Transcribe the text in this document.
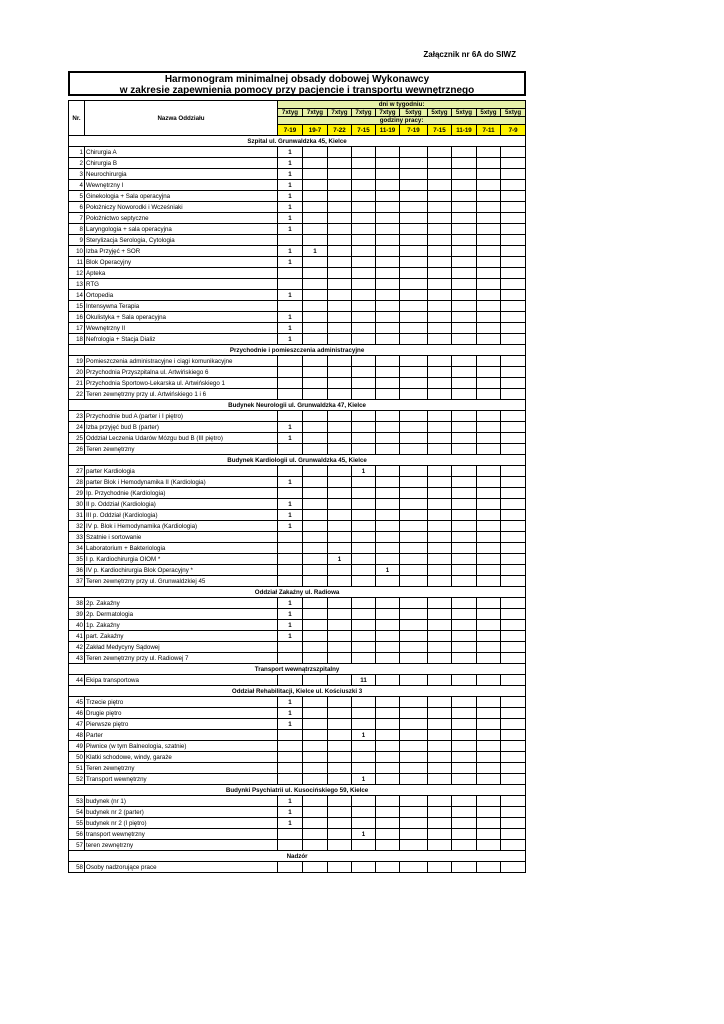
Załącznik nr 6A do SIWZ
Harmonogram minimalnej obsady dobowej Wykonawcy
w zakresie zapewnienia pomocy przy pacjencie i transportu wewnętrznego
Nr.	Nazwa Oddziału	dni w tygodniu:									
		7xtyg	7xtyg	7xtyg	7xtyg	7xtyg	5xtyg	5xtyg	5xtyg	5xtyg	5xtyg
		godziny pracy:									
		7-19	19-7	7-22	7-15	11-19	7-19	7-15	11-19	7-11	7-9
Szpital ul. Grunwaldzka 45, Kielce											
1	Chirurgia A	1									
2	Chirurgia B	1									
3	Neurochirurgia	1									
4	Wewnętrzny I	1									
5	Ginekologia + Sala operacyjna	1									
6	Położniczy Noworodki i Wcześniaki	1									
7	Położnictwo septyczne	1									
8	Laryngologia + sala operacyjna	1									
9	Sterylizacja Serologia, Cytologia										
10	Izba Przyjęć + SOR	1	1								
11	Blok Operacyjny	1									
12	Apteka										
13	RTG										
14	Ortopedia	1									
15	Intensywna Terapia										
16	Okulistyka + Sala operacyjna	1									
17	Wewnętrzny II	1									
18	Nefrologia + Stacja Dializ	1									
Przychodnie i pomieszczenia administracyjne											
19	Pomieszczenia administracyjne i ciągi komunikacyjne										
20	Przychodnia Przyszpitalna ul. Artwińskiego 6										
21	Przychodnia Sportowo-Lekarska ul. Artwińskiego 1										
22	Teren zewnętrzny przy ul. Artwińskiego 1 i 6										
Budynek Neurologii ul. Grunwaldzka 47, Kielce											
23	Przychodnie bud A (parter i I piętro)										
24	Izba przyjęć bud B (parter)	1									
25	Oddział Leczenia Udarów Mózgu bud B (III piętro)	1									
26	Teren zewnętrzny										
Budynek Kardiologii ul. Grunwaldzka 45, Kielce											
27	parter Kardiologia				1						
28	parter Blok i Hemodynamika II (Kardiologia)	1									
29	Ip. Przychodnie (Kardiologia)										
30	II p. Oddział (Kardiologia)	1									
31	III p. Oddział (Kardiologia)	1									
32	IV p. Blok i Hemodynamika (Kardiologia)	1									
33	Szatnie i sortowanie										
34	Laboratorium + Bakteriologia										
35	I p. Kardiochirurgia OIOM *			1							
36	IV p. Kardiochirurgia Blok Operacyjny *					1					
37	Teren zewnętrzny przy ul. Grunwaldzkiej 45										
Oddział Zakaźny ul. Radiowa											
38	2p. Zakaźny	1									
39	2p. Dermatologia	1									
40	1p. Zakaźny	1									
41	part. Zakaźny	1									
42	Zakład Medycyny Sądowej										
43	Teren zewnętrzny przy ul. Radiowej 7										
Transport wewnątrzszpitalny											
44	Ekipa transportowa				11						
Oddział Rehabilitacji, Kielce ul. Kościuszki 3											
45	Trzecie piętro	1									
46	Drugie piętro	1									
47	Pierwsze piętro	1									
48	Parter				1						
49	Piwnice (w tym Balneologia, szatnie)										
50	Klatki schodowe, windy, garaże										
51	Teren zewnętrzny										
52	Transport wewnętrzny				1						
Budynki Psychiatrii ul. Kusocińskiego 59, Kielce											
53	budynek (nr 1)	1									
54	budynek nr 2 (parter)	1									
55	budynek nr 2 (I piętro)	1									
56	transport wewnętrzny				1						
57	teren zewnętrzny										
Nadzór											
58	Osoby nadzorujące prace										
